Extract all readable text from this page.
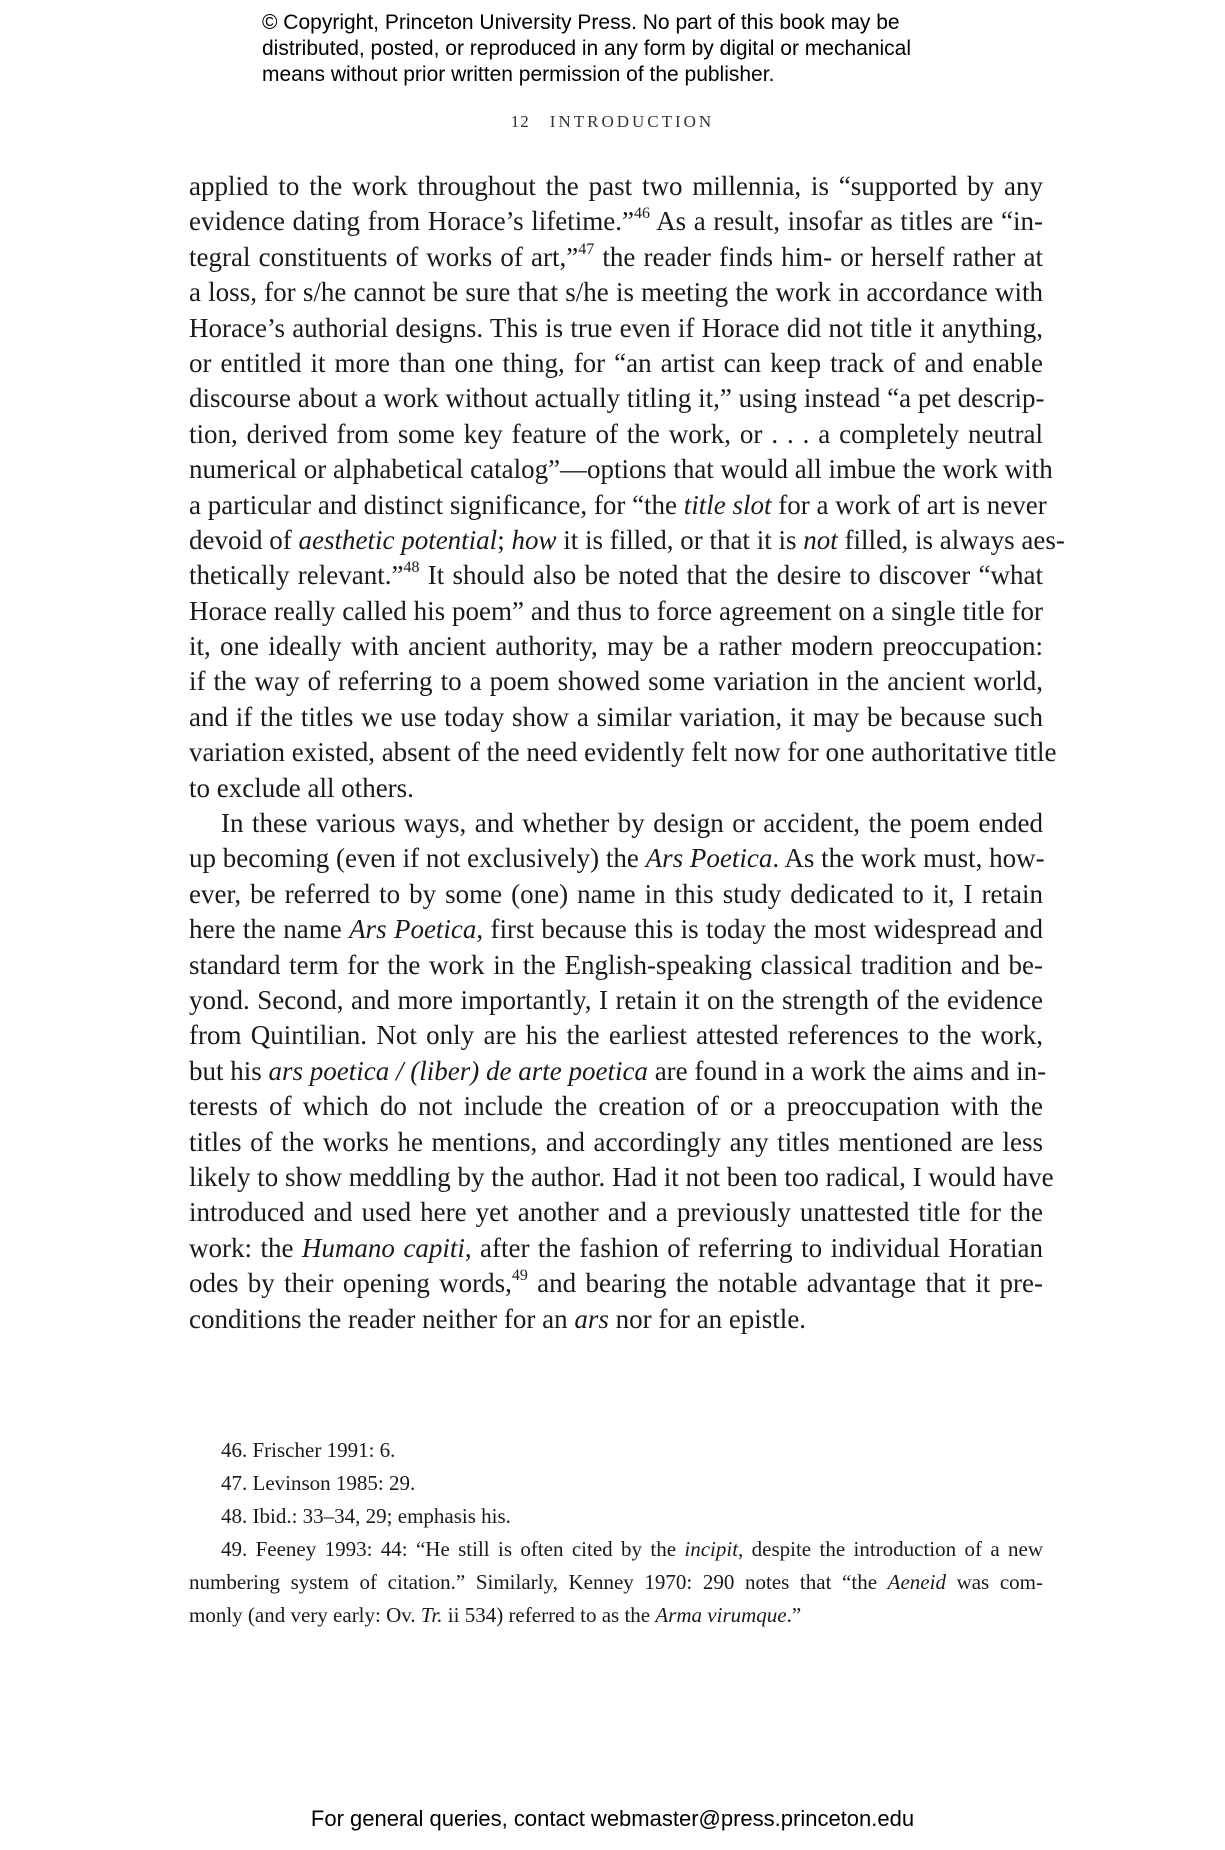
© Copyright, Princeton University Press. No part of this book may be
distributed, posted, or reproduced in any form by digital or mechanical
means without prior written permission of the publisher.
12 INTRODUCTION
applied to the work throughout the past two millennia, is “supported by any
evidence dating from Horace’s lifetime.”$^{46}$ As a result, insofar as titles are “in-
tegral constituents of works of art,”$^{47}$ the reader finds him- or herself rather at
a loss, for s/he cannot be sure that s/he is meeting the work in accordance with
Horace’s authorial designs. This is true even if Horace did not title it anything,
or entitled it more than one thing, for “an artist can keep track of and enable
discourse about a work without actually titling it,” using instead “a pet descrip-
tion, derived from some key feature of the work, or . . . a completely neutral
numerical or alphabetical catalog”—options that would all imbue the work with
a particular and distinct significance, for “the title slot for a work of art is never
devoid of aesthetic potential; how it is filled, or that it is not filled, is always aes-
thetically relevant.”$^{48}$ It should also be noted that the desire to discover “what
Horace really called his poem” and thus to force agreement on a single title for
it, one ideally with ancient authority, may be a rather modern preoccupation:
if the way of referring to a poem showed some variation in the ancient world,
and if the titles we use today show a similar variation, it may be because such
variation existed, absent of the need evidently felt now for one authoritative title
to exclude all others.
In these various ways, and whether by design or accident, the poem ended
up becoming (even if not exclusively) the Ars Poetica. As the work must, how-
ever, be referred to by some (one) name in this study dedicated to it, I retain
here the name Ars Poetica, first because this is today the most widespread and
standard term for the work in the English-speaking classical tradition and be-
yond. Second, and more importantly, I retain it on the strength of the evidence
from Quintilian. Not only are his the earliest attested references to the work,
but his ars poetica / (liber) de arte poetica are found in a work the aims and in-
terests of which do not include the creation of or a preoccupation with the
titles of the works he mentions, and accordingly any titles mentioned are less
likely to show meddling by the author. Had it not been too radical, I would have
introduced and used here yet another and a previously unattested title for the
work: the Humano capiti, after the fashion of referring to individual Horatian
odes by their opening words,$^{49}$ and bearing the notable advantage that it pre-
conditions the reader neither for an ars nor for an epistle.
46. Frischer 1991: 6.
47. Levinson 1985: 29.
48. Ibid.: 33–34, 29; emphasis his.
49. Feeney 1993: 44: “He still is often cited by the incipit, despite the introduction of a new
numbering system of citation.” Similarly, Kenney 1970: 290 notes that “the Aeneid was com-
monly (and very early: Ov. Tr. ii 534) referred to as the Arma virumque.”
For general queries, contact webmaster@press.princeton.edu
